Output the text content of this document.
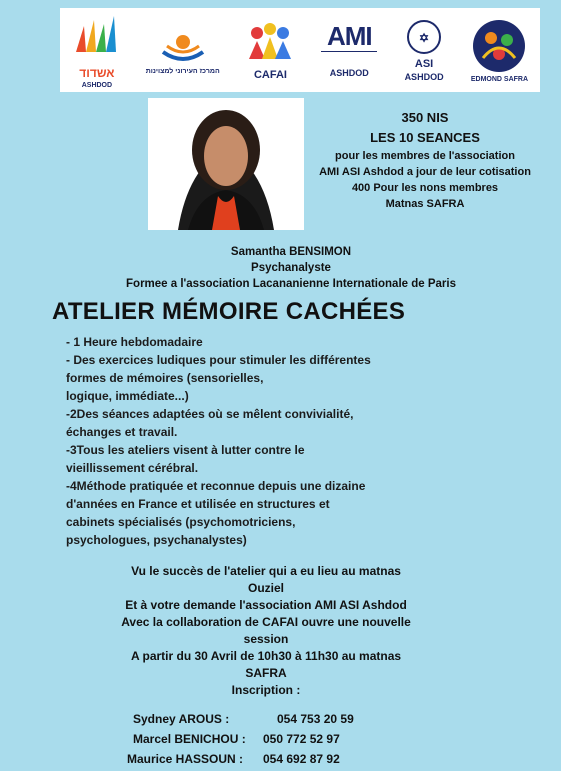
אשדוד
ASHDOD
המרכז העירוני למצוינות	CAFAI
AMI
ASHDOD
✡
ASI
ASHDOD	EDMOND SAFRA
350 NIS
LES 10 SEANCES
pour les membres de l'association
AMI ASI Ashdod a jour de leur cotisation
400 Pour les nons membres
Matnas SAFRA
Samantha BENSIMON
Psychanalyste
Formee a l'association Lacananienne Internationale de Paris
ATELIER MÉMOIRE CACHÉES
- 1 Heure hebdomadaire
- Des exercices ludiques pour stimuler les différentes
formes de mémoires (sensorielles,
logique, immédiate...)
-2Des séances adaptées où se mêlent convivialité,
échanges et travail.
-3Tous les ateliers visent à lutter contre le
vieillissement cérébral.
-4Méthode pratiquée et reconnue depuis une dizaine
d'années en France et utilisée en structures et
cabinets spécialisés (psychomotriciens,
psychologues, psychanalystes)
Vu le succès de l'atelier qui a eu lieu au matnas
Ouziel
Et à votre demande l'association AMI ASI Ashdod
Avec la collaboration de CAFAI ouvre une nouvelle
session
A partir du 30 Avril de 10h30 à 11h30 au matnas
SAFRA
Inscription :
Sydney AROUS :	054 753 20 59
Marcel BENICHOU :	050 772 52 97
Maurice HASSOUN :	054 692 87 92
